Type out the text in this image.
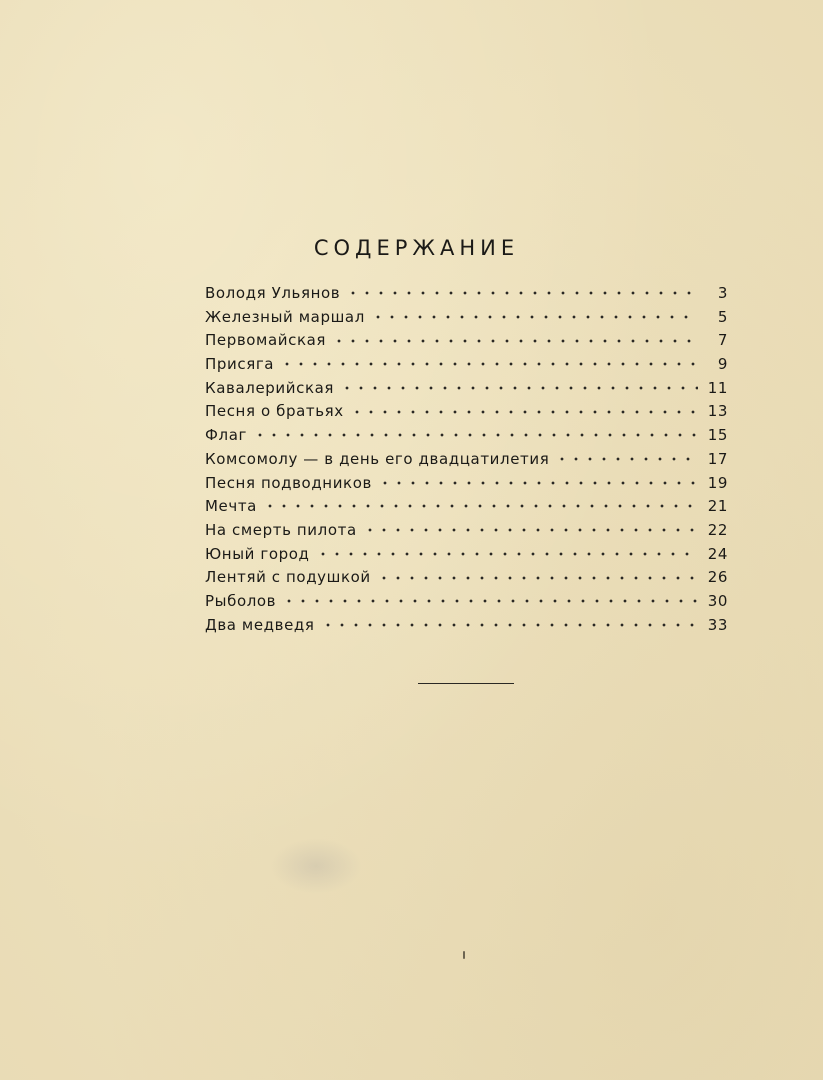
СОДЕРЖАНИЕ
Володя Ульянов	3
Железный маршал	5
Первомайская	7
Присяга	9
Кавалерийская	11
Песня о братьях	13
Флаг	15
Комсомолу — в день его двадцатилетия	17
Песня подводников	19
Мечта	21
На смерть пилота	22
Юный город	24
Лентяй с подушкой	26
Рыболов	30
Два медведя	33
